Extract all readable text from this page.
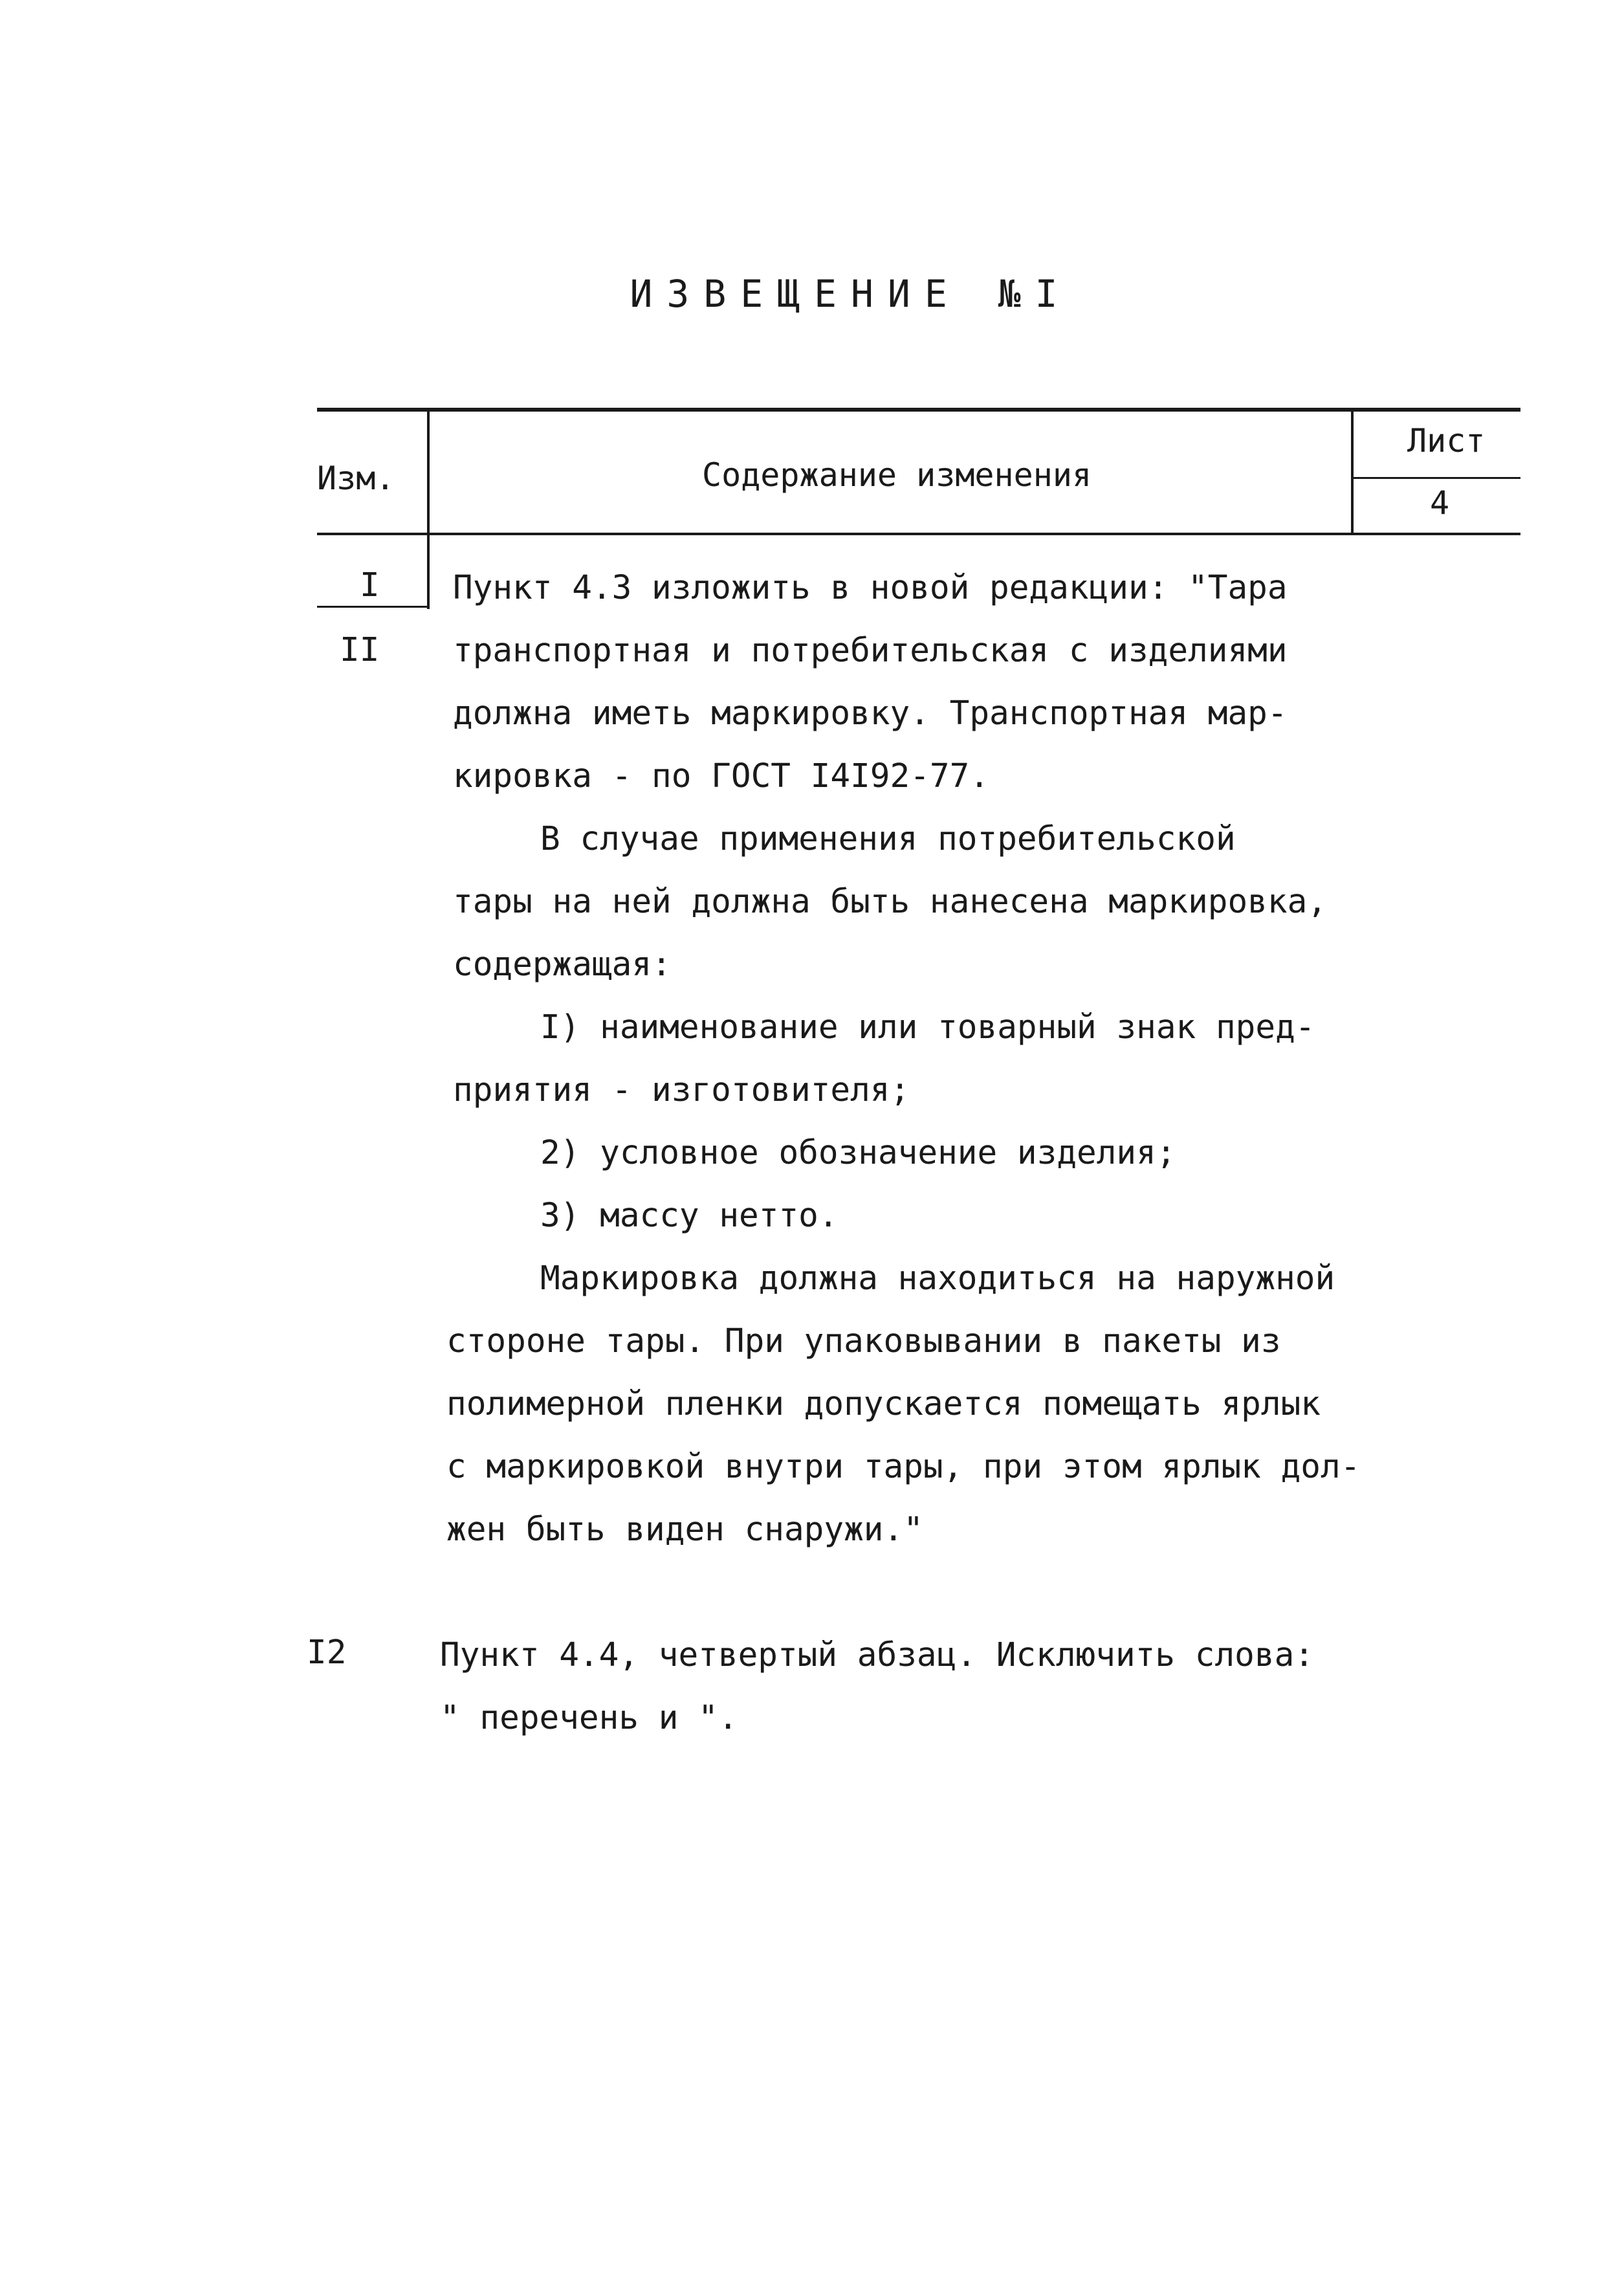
ИЗВЕЩЕНИЕ №I
Изм.	Содержание изменения
Лист
4
I
II
I2
Пункт 4.3 изложить в новой редакции: "Тара
транспортная и потребительская с изделиями
должна иметь маркировку. Транспортная мар-
кировка - по ГОСТ I4I92-77.
В случае применения потребительской
тары на ней должна быть нанесена маркировка,
содержащая:
I) наименование или товарный знак пред-
приятия - изготовителя;
2) условное обозначение изделия;
3) массу нетто.
Маркировка должна находиться на наружной
стороне тары. При упаковывании в пакеты из
полимерной пленки допускается помещать ярлык
с маркировкой внутри тары, при этом ярлык дол-
жен быть виден снаружи."
Пункт 4.4, четвертый абзац. Исключить слова:
" перечень и ".
